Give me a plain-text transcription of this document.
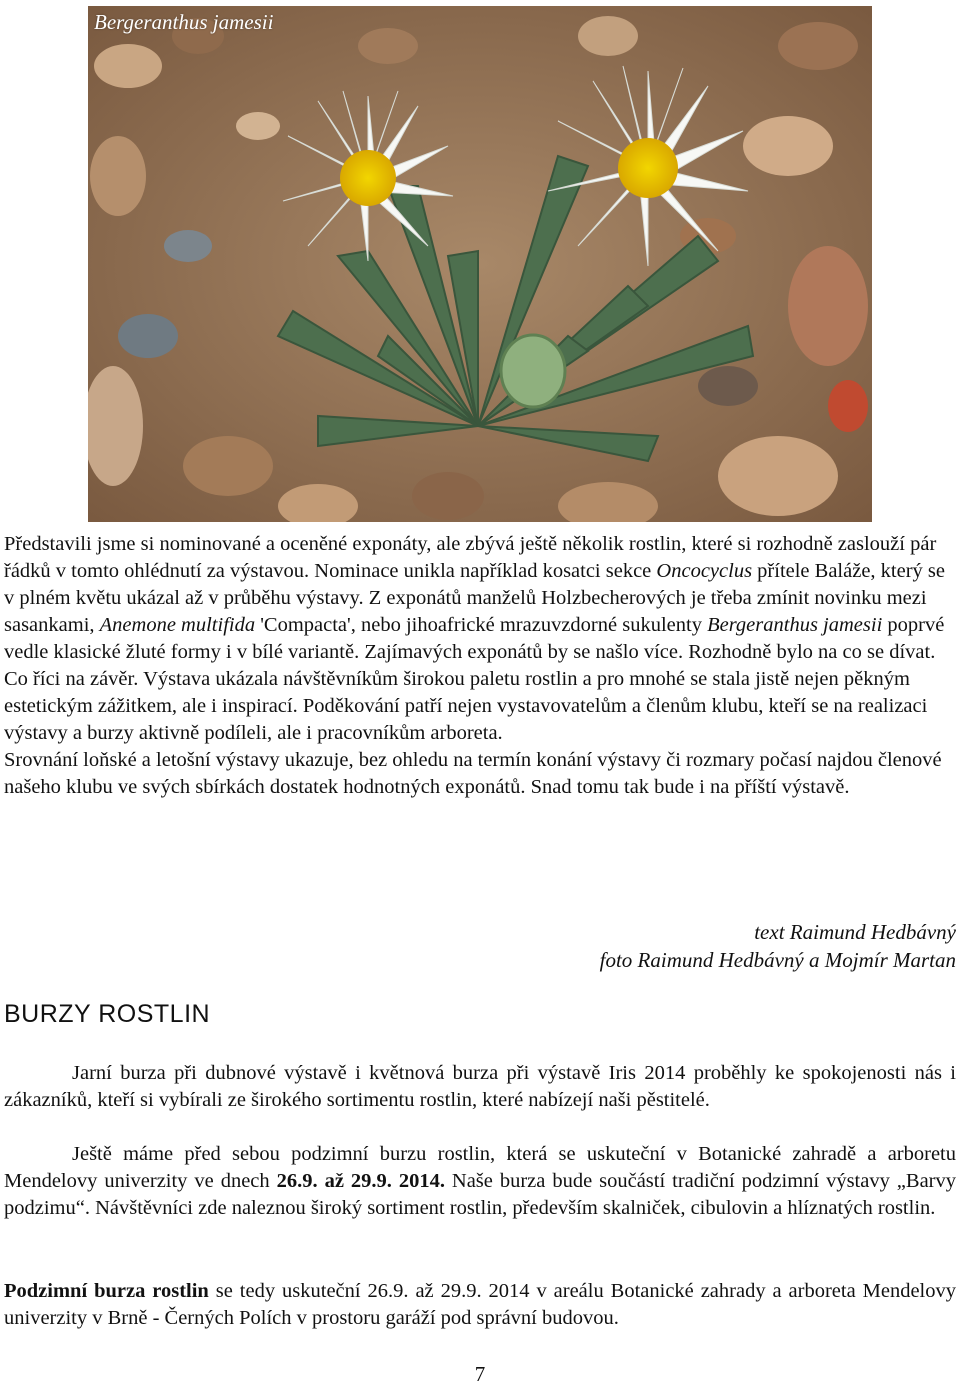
Bergeranthus jamesii

Představili jsme si nominované a oceněné exponáty, ale zbývá ještě několik rostlin, které si rozhodně zaslouží pár řádků v tomto ohlédnutí za výstavou. Nominace unikla například kosatci sekce Oncocyclus přítele Baláže, který se v plném květu ukázal až v průběhu výstavy. Z exponátů manželů Holzbecherových je třeba zmínit novinku mezi sasankami, Anemone multifida 'Compacta', nebo jihoafrické mrazuvzdorné sukulenty Bergeranthus jamesii poprvé vedle klasické žluté formy i v bílé variantě. Zajímavých exponátů by se našlo více. Rozhodně bylo na co se dívat. Co říci na závěr. Výstava ukázala návštěvníkům širokou paletu rostlin a pro mnohé se stala jistě nejen pěkným estetickým zážitkem, ale i inspirací. Poděkování patří nejen vystavovatelům a členům klubu, kteří se na realizaci výstavy a burzy aktivně podíleli, ale i pracovníkům arboreta.
Srovnání loňské a letošní výstavy ukazuje, bez ohledu na termín konání výstavy či rozmary počasí najdou členové našeho klubu ve svých sbírkách dostatek hodnotných exponátů. Snad tomu tak bude i na příští výstavě.

text Raimund Hedbávný
foto Raimund Hedbávný a Mojmír Martan
BURZY ROSTLIN

Jarní burza při dubnové výstavě i květnová burza při výstavě Iris 2014 proběhly ke spokojenosti nás i zákazníků, kteří si vybírali ze širokého sortimentu rostlin, které nabízejí naši pěstitelé.

Ještě máme před sebou podzimní burzu rostlin, která se uskuteční v Botanické zahradě a arboretu Mendelovy univerzity ve dnech 26.9. až 29.9. 2014. Naše burza bude součástí tradiční podzimní výstavy „Barvy podzimu“. Návštěvníci zde naleznou široký sortiment rostlin, především skalniček, cibulovin a hlíznatých rostlin.

Podzimní burza rostlin se tedy uskuteční 26.9. až 29.9. 2014 v areálu Botanické zahrady a arboreta Mendelovy univerzity v Brně - Černých Polích v prostoru garáží pod správní budovou.

7
